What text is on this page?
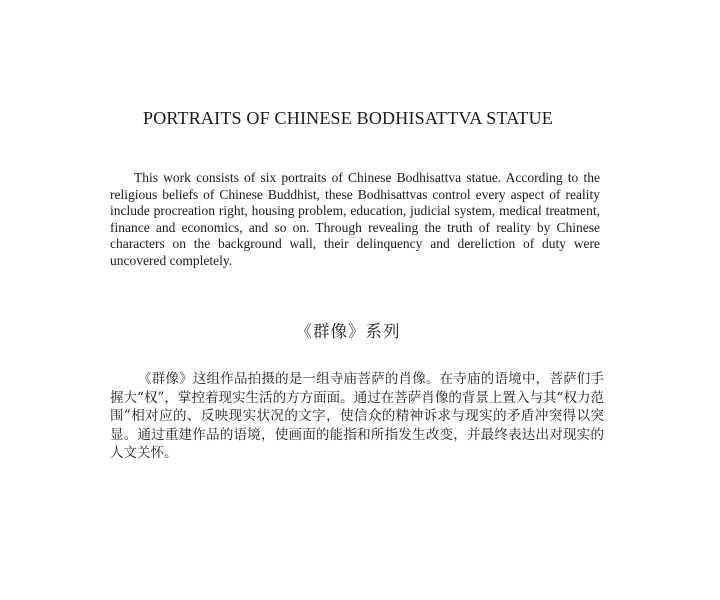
PORTRAITS OF CHINESE BODHISATTVA STATUE

This work consists of six portraits of Chinese Bodhisattva statue. According to the religious beliefs of Chinese Buddhist, these Bodhisattvas control every aspect of reality include procreation right, housing problem, education, judicial system, medical treatment, finance and economics, and so on. Through revealing the truth of reality by Chinese characters on the background wall, their delinquency and dereliction of duty were uncovered completely.

《群像》系列

《群像》这组作品拍摄的是一组寺庙菩萨的肖像。在寺庙的语境中，菩萨们手握大“权”，掌控着现实生活的方方面面。通过在菩萨肖像的背景上置入与其“权力范围”相对应的、反映现实状况的文字，使信众的精神诉求与现实的矛盾冲突得以突显。通过重建作品的语境，使画面的能指和所指发生改变，并最终表达出对现实的人文关怀。
